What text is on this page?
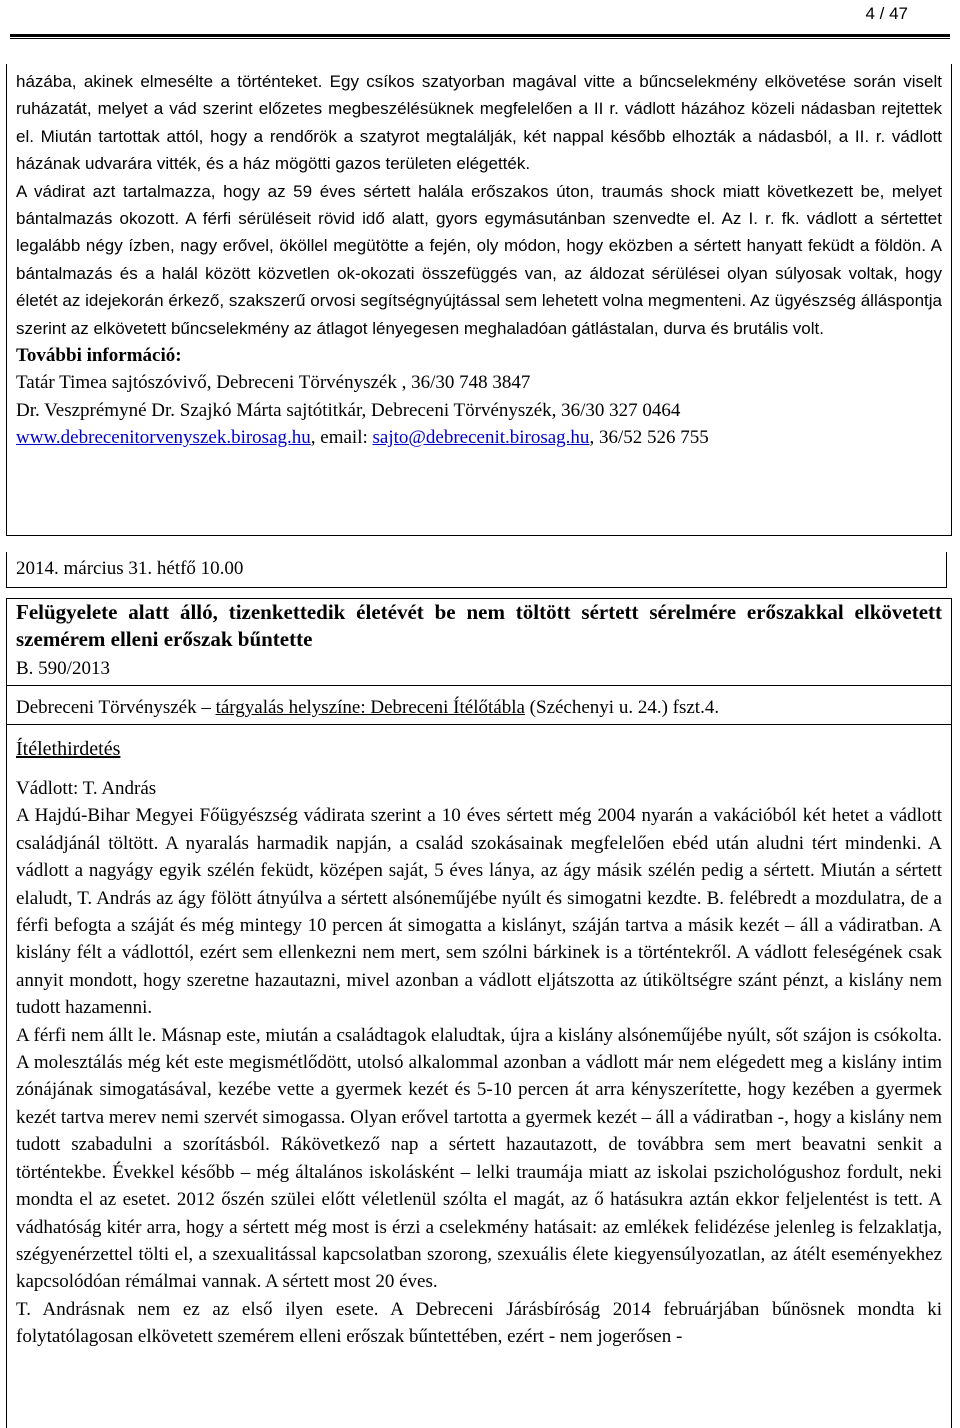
4 / 47

házába, akinek elmesélte a történteket. Egy csíkos szatyorban magával vitte a bűncselekmény elkövetése során viselt ruházatát, melyet a vád szerint előzetes megbeszélésüknek megfelelően a II r. vádlott házához közeli nádasban rejtettek el. Miután tartottak attól, hogy a rendőrök a szatyrot megtalálják, két nappal később elhozták a nádasból, a II. r. vádlott házának udvarára vitték, és a ház mögötti gazos területen elégették.

A vádirat azt tartalmazza, hogy az 59 éves sértett halála erőszakos úton, traumás shock miatt következett be, melyet bántalmazás okozott. A férfi sérüléseit rövid idő alatt, gyors egymásutánban szenvedte el. Az I. r. fk. vádlott a sértettet legalább négy ízben, nagy erővel, ököllel megütötte a fején, oly módon, hogy eközben a sértett hanyatt feküdt a földön. A bántalmazás és a halál között közvetlen ok-okozati összefüggés van, az áldozat sérülései olyan súlyosak voltak, hogy életét az idejekorán érkező, szakszerű orvosi segítségnyújtással sem lehetett volna megmenteni. Az ügyészség álláspontja szerint az elkövetett bűncselekmény az átlagot lényegesen meghaladóan gátlástalan, durva és brutális volt.

További információ:

Tatár Timea sajtószóvivő, Debreceni Törvényszék , 36/30 748 3847

Dr. Veszprémyné Dr. Szajkó Márta sajtótitkár, Debreceni Törvényszék, 36/30 327 0464

www.debrecenitorvenyszek.birosag.hu, email: sajto@debrecenit.birosag.hu, 36/52 526 755

2014. március 31. hétfő 10.00
Felügyelete alatt álló, tizenkettedik életévét be nem töltött sértett sérelmére erőszakkal elkövetett szemérem elleni erőszak bűntette
B. 590/2013
Debreceni Törvényszék – tárgyalás helyszíne: Debreceni Ítélőtábla (Széchenyi u. 24.) fszt.4.
Ítélethirdetés

Vádlott: T. András

A Hajdú-Bihar Megyei Főügyészség vádirata szerint a 10 éves sértett még 2004 nyarán a vakációból két hetet a vádlott családjánál töltött. A nyaralás harmadik napján, a család szokásainak megfelelően ebéd után aludni tért mindenki. A vádlott a nagyágy egyik szélén feküdt, középen saját, 5 éves lánya, az ágy másik szélén pedig a sértett. Miután a sértett elaludt, T. András az ágy fölött átnyúlva a sértett alsóneműjébe nyúlt és simogatni kezdte. B. felébredt a mozdulatra, de a férfi befogta a száját és még mintegy 10 percen át simogatta a kislányt, száján tartva a másik kezét – áll a vádiratban. A kislány félt a vádlottól, ezért sem ellenkezni nem mert, sem szólni bárkinek is a történtekről. A vádlott feleségének csak annyit mondott, hogy szeretne hazautazni, mivel azonban a vádlott eljátszotta az útiköltségre szánt pénzt, a kislány nem tudott hazamenni.

A férfi nem állt le. Másnap este, miután a családtagok elaludtak, újra a kislány alsóneműjébe nyúlt, sőt szájon is csókolta. A molesztálás még két este megismétlődött, utolsó alkalommal azonban a vádlott már nem elégedett meg a kislány intim zónájának simogatásával, kezébe vette a gyermek kezét és 5-10 percen át arra kényszerítette, hogy kezében a gyermek kezét tartva merev nemi szervét simogassa. Olyan erővel tartotta a gyermek kezét – áll a vádiratban -, hogy a kislány nem tudott szabadulni a szorításból. Rákövetkező nap a sértett hazautazott, de továbbra sem mert beavatni senkit a történtekbe. Évekkel később – még általános iskolásként – lelki traumája miatt az iskolai pszichológushoz fordult, neki mondta el az esetet. 2012 őszén szülei előtt véletlenül szólta el magát, az ő hatásukra aztán ekkor feljelentést is tett. A vádhatóság kitér arra, hogy a sértett még most is érzi a cselekmény hatásait: az emlékek felidézése jelenleg is felzaklatja, szégyenérzettel tölti el, a szexualitással kapcsolatban szorong, szexuális élete kiegyensúlyozatlan, az átélt eseményekhez kapcsolódóan rémálmai vannak. A sértett most 20 éves.

T. Andrásnak nem ez az első ilyen esete. A Debreceni Járásbíróság 2014 februárjában bűnösnek mondta ki folytatólagosan elkövetett szemérem elleni erőszak bűntettében, ezért - nem jogerősen -
